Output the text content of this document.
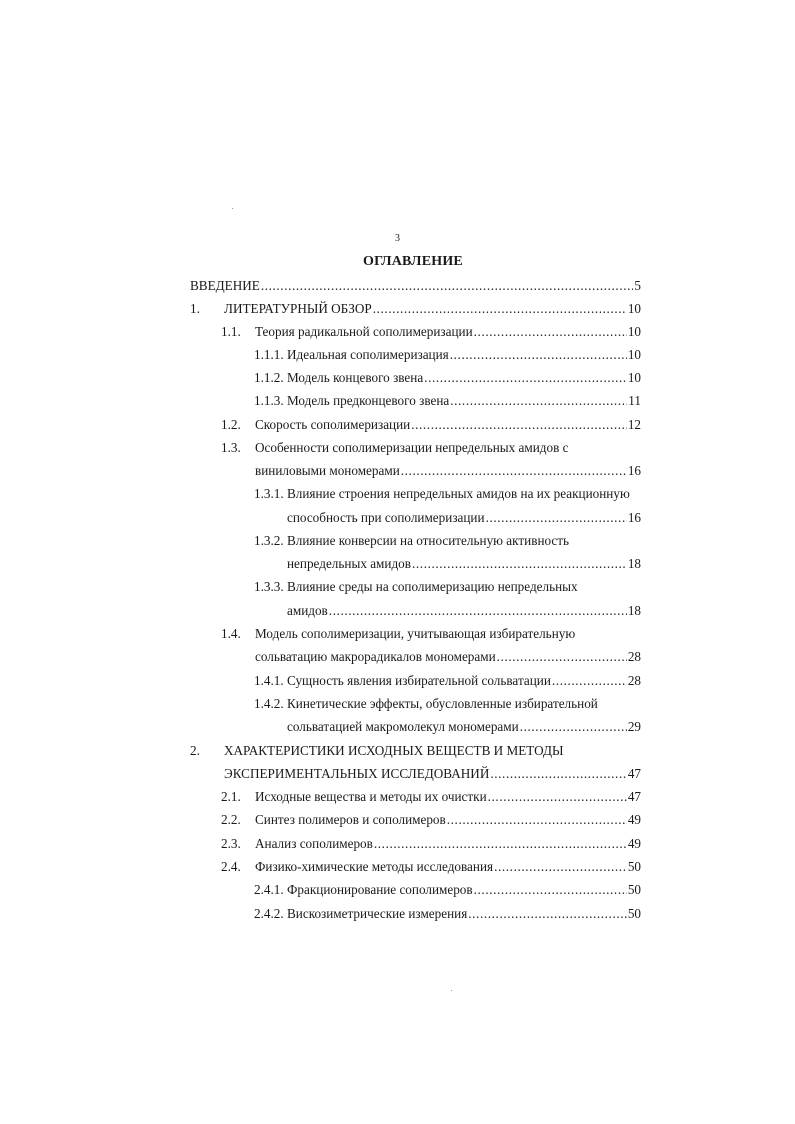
3
ОГЛАВЛЕНИЕ
ВВЕДЕНИЕ .....	5
1.	ЛИТЕРАТУРНЫЙ ОБЗОР .....	10
1.1.	Теория радикальной сополимеризации .....	10
1.1.1. Идеальная сополимеризация .....	10
1.1.2. Модель концевого звена .....	10
1.1.3. Модель предконцевого звена .....	11
1.2.	Скорость сополимеризации .....	12
1.3.	Особенности сополимеризации непредельных амидов с
виниловыми мономерами .....	16
1.3.1. Влияние строения непредельных амидов на их реакционную
способность при сополимеризации .....	16
1.3.2. Влияние конверсии на относительную активность
непредельных амидов .....	18
1.3.3. Влияние среды на сополимеризацию непредельных
амидов .....	18
1.4.	Модель сополимеризации, учитывающая избирательную
сольватацию макрорадикалов мономерами .....	28
1.4.1. Сущность явления избирательной сольватации .....	28
1.4.2. Кинетические эффекты, обусловленные избирательной
сольватацией макромолекул мономерами .....	29
2.	ХАРАКТЕРИСТИКИ ИСХОДНЫХ ВЕЩЕСТВ И МЕТОДЫ
ЭКСПЕРИМЕНТАЛЬНЫХ ИССЛЕДОВАНИЙ .....	47
2.1.	Исходные вещества и методы их очистки .....	47
2.2.	Синтез полимеров и сополимеров .....	49
2.3.	Анализ сополимеров .....	49
2.4.	Физико-химические методы исследования .....	50
2.4.1. Фракционирование сополимеров .....	50
2.4.2. Вискозиметрические измерения .....	50
